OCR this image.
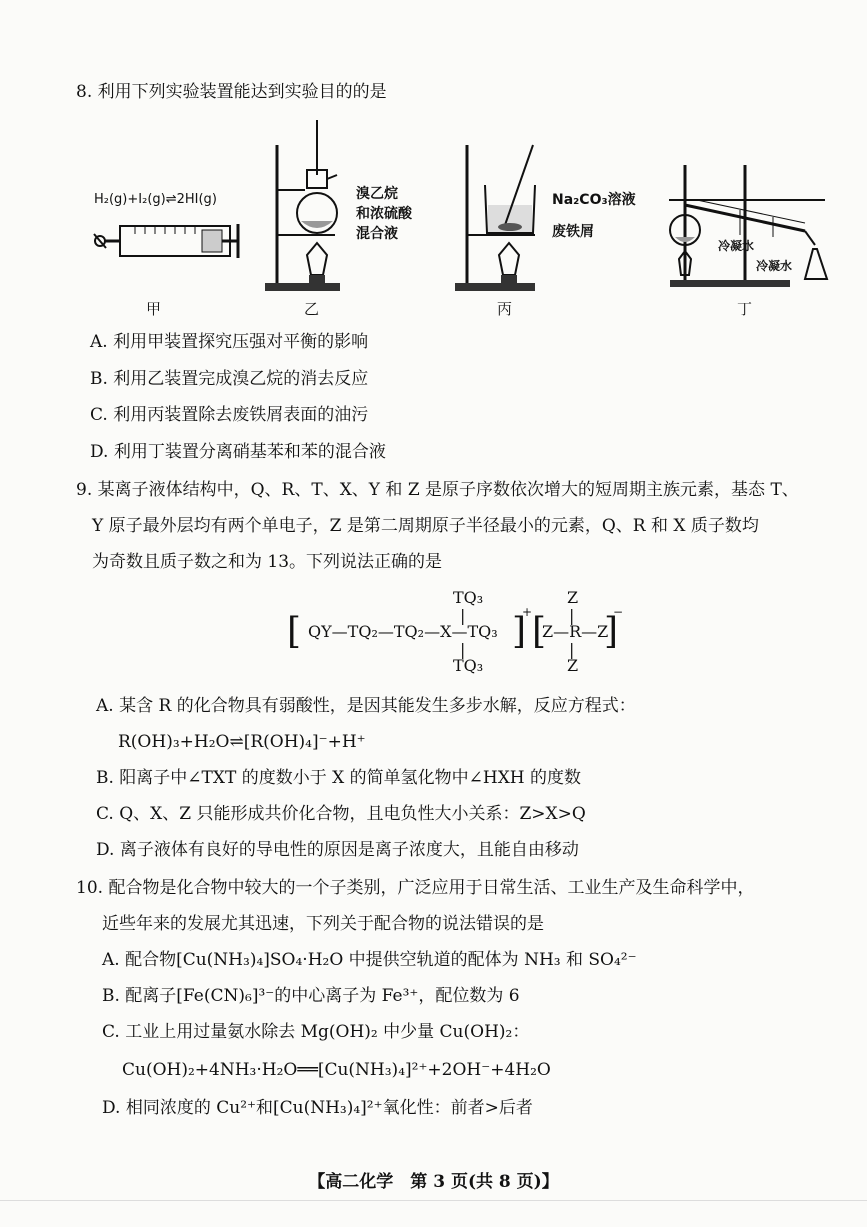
8. 利用下列实验装置能达到实验目的的是
H₂(g)+I₂(g)⇌2HI(g)
甲
溴乙烷
和浓硫酸
混合液
乙
Na₂CO₃溶液
废铁屑
丙
冷凝水
冷凝水
丁
A. 利用甲装置探究压强对平衡的影响
B. 利用乙装置完成溴乙烷的消去反应
C. 利用丙装置除去废铁屑表面的油污
D. 利用丁装置分离硝基苯和苯的混合液
9. 某离子液体结构中，Q、R、T、X、Y 和 Z 是原子序数依次增大的短周期主族元素，基态 T、
Y 原子最外层均有两个单电子，Z 是第二周期原子半径最小的元素，Q、R 和 X 质子数均
为奇数且质子数之和为 13。下列说法正确的是
[
TQ₃
|
QY—TQ₂—TQ₂—X—TQ₃
|
TQ₃
]
+ [
Z
|
Z—R—Z
|
Z
]
−
A. 某含 R 的化合物具有弱酸性，是因其能发生多步水解，反应方程式：
R(OH)₃+H₂O⇌[R(OH)₄]⁻+H⁺
B. 阳离子中∠TXT 的度数小于 X 的简单氢化物中∠HXH 的度数
C. Q、X、Z 只能形成共价化合物，且电负性大小关系：Z>X>Q
D. 离子液体有良好的导电性的原因是离子浓度大，且能自由移动
10. 配合物是化合物中较大的一个子类别，广泛应用于日常生活、工业生产及生命科学中，
近些年来的发展尤其迅速，下列关于配合物的说法错误的是
A. 配合物[Cu(NH₃)₄]SO₄·H₂O 中提供空轨道的配体为 NH₃ 和 SO₄²⁻
B. 配离子[Fe(CN)₆]³⁻的中心离子为 Fe³⁺，配位数为 6
C. 工业上用过量氨水除去 Mg(OH)₂ 中少量 Cu(OH)₂：
Cu(OH)₂+4NH₃·H₂O══[Cu(NH₃)₄]²⁺+2OH⁻+4H₂O
D. 相同浓度的 Cu²⁺和[Cu(NH₃)₄]²⁺氧化性：前者>后者
【高二化学　第 3 页(共 8 页)】
